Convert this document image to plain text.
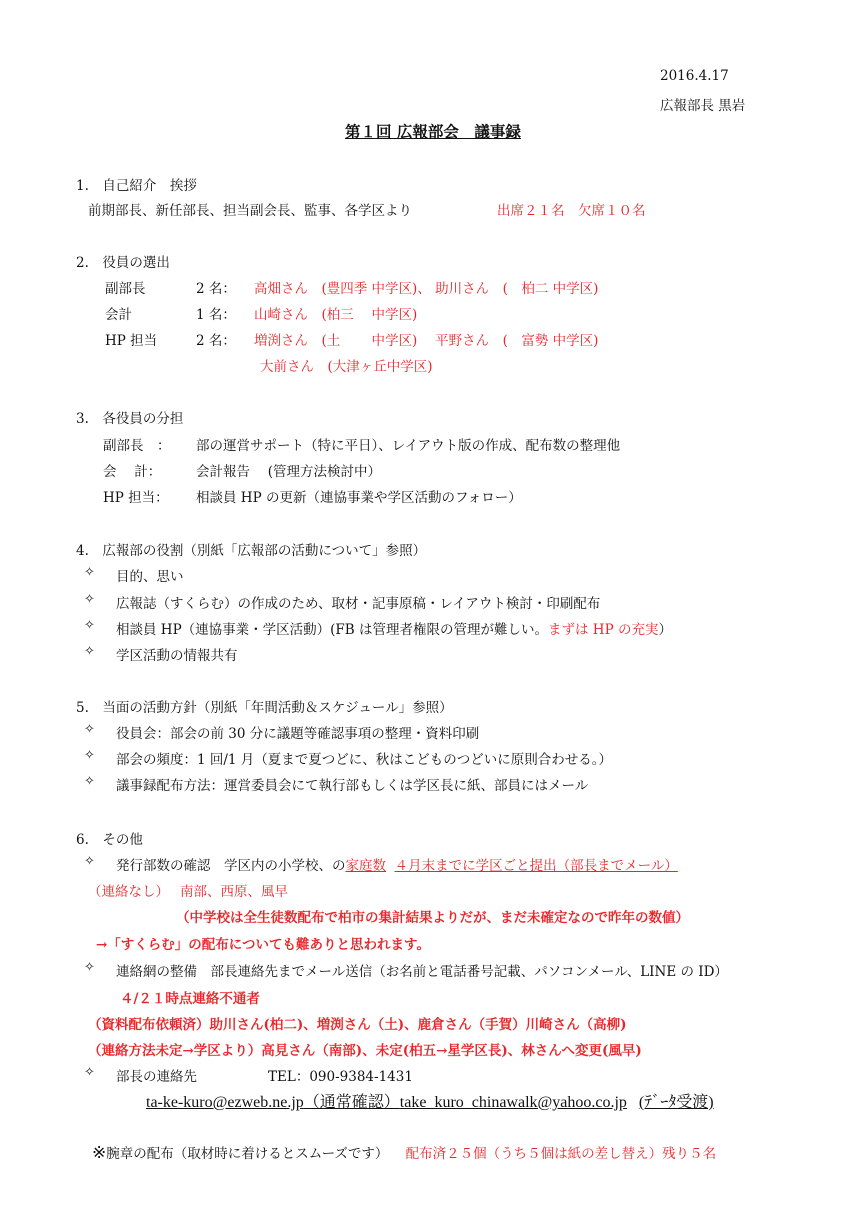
2016.4.17
広報部長 黒岩
第１回 広報部会　議事録
1.　自己紹介　挨拶
前期部長、新任部長、担当副会長、監事、各学区より	出席２１名　欠席１０名
2.　役員の選出
副部長	2 名： 高畑さん　(豊四季 中学区)、 助川さん　(　柏二 中学区)
会計	1 名： 山崎さん　(柏三　 中学区)
HP 担当	2 名： 増渕さん　(土　　 中学区)　 平野さん　(　富勢 中学区)
大前さん　(大津ヶ丘中学区)
3.　各役員の分担
副部長　： 部の運営サポート（特に平日）、レイアウト版の作成、配布数の整理他
会　 計：	会計報告　 (管理方法検討中）
HP 担当： 相談員 HP の更新（連協事業や学区活動のフォロー）
4.　広報部の役割（別紙「広報部の活動について」参照）
✧ 目的、思い
✧ 広報誌（すくらむ）の作成のため、取材・記事原稿・レイアウト検討・印刷配布
✧ 相談員 HP（連協事業・学区活動）(FB は管理者権限の管理が難しい。まずは HP の充実）
✧ 学区活動の情報共有
5.　当面の活動方針（別紙「年間活動＆スケジュール」参照）
✧ 役員会：部会の前 30 分に議題等確認事項の整理・資料印刷
✧ 部会の頻度：1 回/1 月（夏まで夏つどに、秋はこどものつどいに原則合わせる。）
✧ 議事録配布方法：運営委員会にて執行部もしくは学区長に紙、部員にはメール
6.　その他
✧ 発行部数の確認　学区内の小学校、の家庭数 ４月末までに学区ごと提出（部長までメール）
（連絡なし）　 南部、西原、風早
（中学校は全生徒数配布で柏市の集計結果よりだが、まだ未確定なので昨年の数値）
→「すくらむ」の配布についても難ありと思われます。
✧ 連絡網の整備　部長連絡先までメール送信（お名前と電話番号記載、パソコンメール、LINE の ID）
４/２１時点連絡不通者
（資料配布依頼済）助川さん(柏二)、増渕さん（土)、鹿倉さん（手賀）川崎さん（高柳)
（連絡方法未定→学区より）高見さん（南部)、未定(柏五→星学区長)、林さんへ変更(風早)
✧ 部長の連絡先	TEL：090-9384-1431
ta-ke-kuro@ezweb.ne.jp（通常確認）take_kuro_chinawalk@yahoo.co.jp (ﾃﾞｰﾀ受渡)
※腕章の配布（取材時に着けるとスムーズです） 配布済２５個（うち５個は紙の差し替え）残り５名
